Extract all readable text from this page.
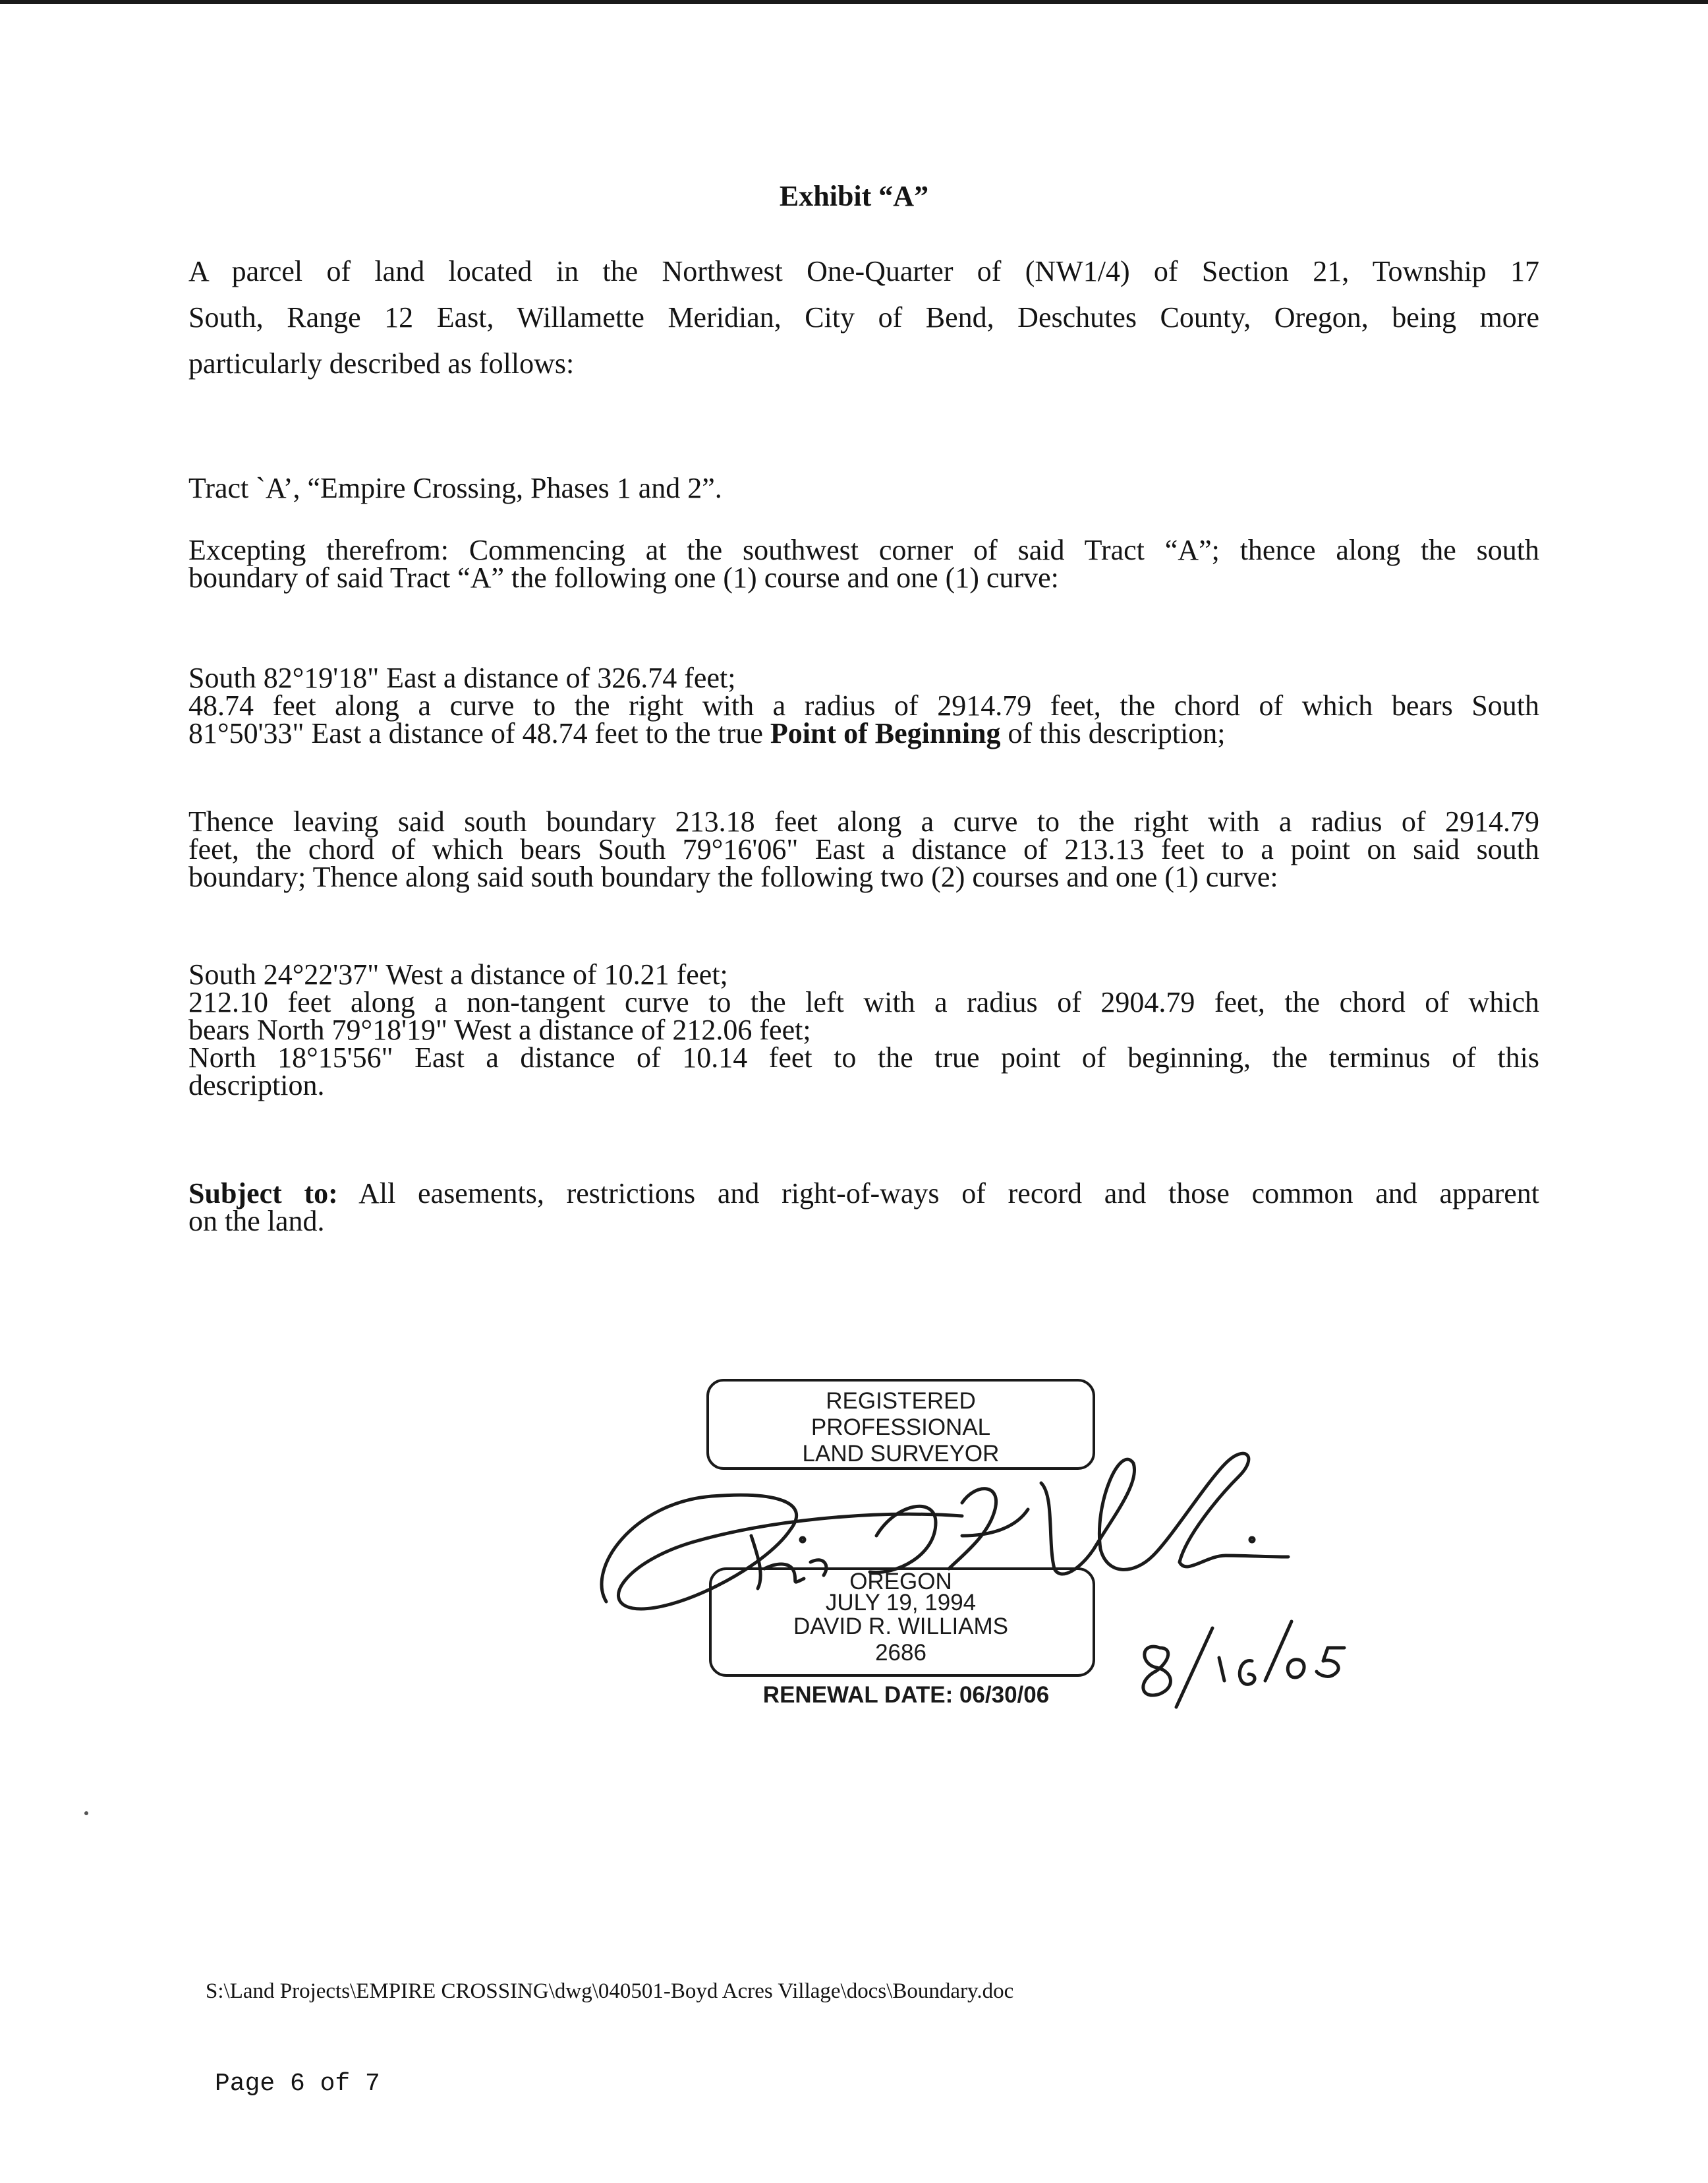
Exhibit “A”
A parcel of land located in the Northwest One-Quarter of (NW1/4) of Section 21, Township 17
South, Range 12 East, Willamette Meridian, City of Bend, Deschutes County, Oregon, being more
particularly described as follows:
Tract `A’, “Empire Crossing, Phases 1 and 2”.
Excepting therefrom: Commencing at the southwest corner of said Tract “A”; thence along the south
boundary of said Tract “A” the following one (1) course and one (1) curve:
South 82°19'18" East a distance of 326.74 feet;
48.74 feet along a curve to the right with a radius of 2914.79 feet, the chord of which bears South
81°50'33" East a distance of 48.74 feet to the true Point of Beginning of this description;
Thence leaving said south boundary 213.18 feet along a curve to the right with a radius of 2914.79
feet, the chord of which bears South 79°16'06" East a distance of 213.13 feet to a point on said south
boundary; Thence along said south boundary the following two (2) courses and one (1) curve:
South 24°22'37" West a distance of 10.21 feet;
212.10 feet along a non-tangent curve to the left with a radius of 2904.79 feet, the chord of which
bears North 79°18'19" West a distance of 212.06 feet;
North 18°15'56" East a distance of 10.14 feet to the true point of beginning, the terminus of this
description.
Subject to: All easements, restrictions and right-of-ways of record and those common and apparent
on the land.
REGISTERED
PROFESSIONAL
LAND SURVEYOR
OREGON
JULY 19, 1994
DAVID R. WILLIAMS
2686
RENEWAL DATE: 06/30/06
S:\Land Projects\EMPIRE CROSSING\dwg\040501-Boyd Acres Village\docs\Boundary.doc
Page 6 of 7
